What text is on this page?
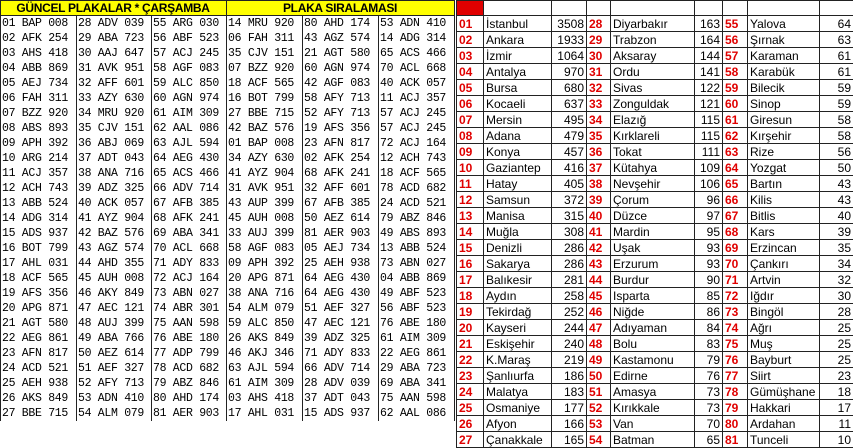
GÜNCEL PLAKALAR * ÇARŞAMBA			PLAKA SIRALAMASI		
01 BAP 008	28 ADV 039	55 ARG 030	14 MRU 920	80 AHD 174	53 ADN 410
02 AFK 254	29 ABA 723	56 ABF 523	06 FAH 311	43 AGZ 574	14 ADG 314
03 AHS 418	30 AAJ 647	57 ACJ 245	35 CJV 151	21 AGT 580	65 ACS 466
04 ABB 869	31 AVK 951	58 AGF 083	07 BZZ 920	60 AGN 974	70 ACL 668
05 AEJ 734	32 AFF 601	59 ALC 850	18 ACF 565	42 AGF 083	40 ACK 057
06 FAH 311	33 AZY 630	60 AGN 974	16 BOT 799	58 AFY 713	11 ACJ 357
07 BZZ 920	34 MRU 920	61 AIM 309	27 BBE 715	52 AFY 713	57 ACJ 245
08 ABS 893	35 CJV 151	62 AAL 086	42 BAZ 576	19 AFS 356	57 ACJ 245
09 APH 392	36 ABJ 069	63 AJL 594	01 BAP 008	23 AFN 817	72 ACJ 164
10 ARG 214	37 ADT 043	64 AEG 430	34 AZY 630	02 AFK 254	12 ACH 743
11 ACJ 357	38 ANA 716	65 ACS 466	41 AYZ 904	68 AFK 241	18 ACF 565
12 ACH 743	39 ADZ 325	66 ADV 714	31 AVK 951	32 AFF 601	78 ACD 682
13 ABB 524	40 ACK 057	67 AFB 385	43 AUP 399	67 AFB 385	24 ACD 521
14 ADG 314	41 AYZ 904	68 AFK 241	45 AUH 008	50 AEZ 614	79 ABZ 846
15 ADS 937	42 BAZ 576	69 ABA 341	33 AUJ 399	81 AER 903	49 ABS 893
16 BOT 799	43 AGZ 574	70 ACL 668	58 AGF 083	05 AEJ 734	13 ABB 524
17 AHL 031	44 AHD 355	71 ADY 833	09 APH 392	25 AEH 938	73 ABN 027
18 ACF 565	45 AUH 008	72 ACJ 164	20 APG 871	64 AEG 430	04 ABB 869
19 AFS 356	46 AKY 849	73 ABN 027	38 ANA 716	64 AEG 430	49 ABF 523
20 APG 871	47 AEC 121	74 ABR 301	54 ALM 079	51 AEF 327	56 ABF 523
21 AGT 580	48 AUJ 399	75 AAN 598	59 ALC 850	47 AEC 121	76 ABE 180
22 AEG 861	49 ABA 766	76 ABE 180	26 AKS 849	39 ADZ 325	61 AIM 309
23 AFN 817	50 AEZ 614	77 ADP 799	46 AKJ 346	71 ADY 833	22 AEG 861
24 ACD 521	51 AEF 327	78 ACD 682	63 AJL 594	66 ADV 714	29 ABA 723
25 AEH 938	52 AFY 713	79 ABZ 846	61 AIM 309	28 ADV 039	69 ABA 341
26 AKS 849	53 ADN 410	80 AHD 174	03 AHS 418	37 ADT 043	75 AAN 598
27 BBE 715	54 ALM 079	81 AER 903	17 AHL 031	15 ADS 937	62 AAL 086

01	İstanbul	3508	28	Diyarbakır	163	55	Yalova	64
02	Ankara	1933	29	Trabzon	164	56	Şırnak	63
03	İzmir	1064	30	Aksaray	144	57	Karaman	61
04	Antalya	970	31	Ordu	141	58	Karabük	61
05	Bursa	680	32	Sivas	122	59	Bilecik	59
06	Kocaeli	637	33	Zonguldak	121	60	Sinop	59
07	Mersin	495	34	Elazığ	115	61	Giresun	58
08	Adana	479	35	Kırklareli	115	62	Kırşehir	58
09	Konya	457	36	Tokat	111	63	Rize	56
10	Gaziantep	416	37	Kütahya	109	64	Yozgat	50
11	Hatay	405	38	Nevşehir	106	65	Bartın	43
12	Samsun	372	39	Çorum	96	66	Kilis	43
13	Manisa	315	40	Düzce	97	67	Bitlis	40
14	Muğla	308	41	Mardin	95	68	Kars	39
15	Denizli	286	42	Uşak	93	69	Erzincan	35
16	Sakarya	286	43	Erzurum	93	70	Çankırı	34
17	Balıkesir	281	44	Burdur	90	71	Artvin	32
18	Aydın	258	45	Isparta	85	72	Iğdır	30
19	Tekirdağ	252	46	Niğde	86	73	Bingöl	28
20	Kayseri	244	47	Adıyaman	84	74	Ağrı	25
21	Eskişehir	240	48	Bolu	83	75	Muş	25
22	K.Maraş	219	49	Kastamonu	79	76	Bayburt	25
23	Şanlıurfa	186	50	Edirne	76	77	Siirt	23
24	Malatya	183	51	Amasya	73	78	Gümüşhane	18
25	Osmaniye	177	52	Kırıkkale	73	79	Hakkari	17
26	Afyon	166	53	Van	70	80	Ardahan	11
27	Çanakkale	165	54	Batman	65	81	Tunceli	10
